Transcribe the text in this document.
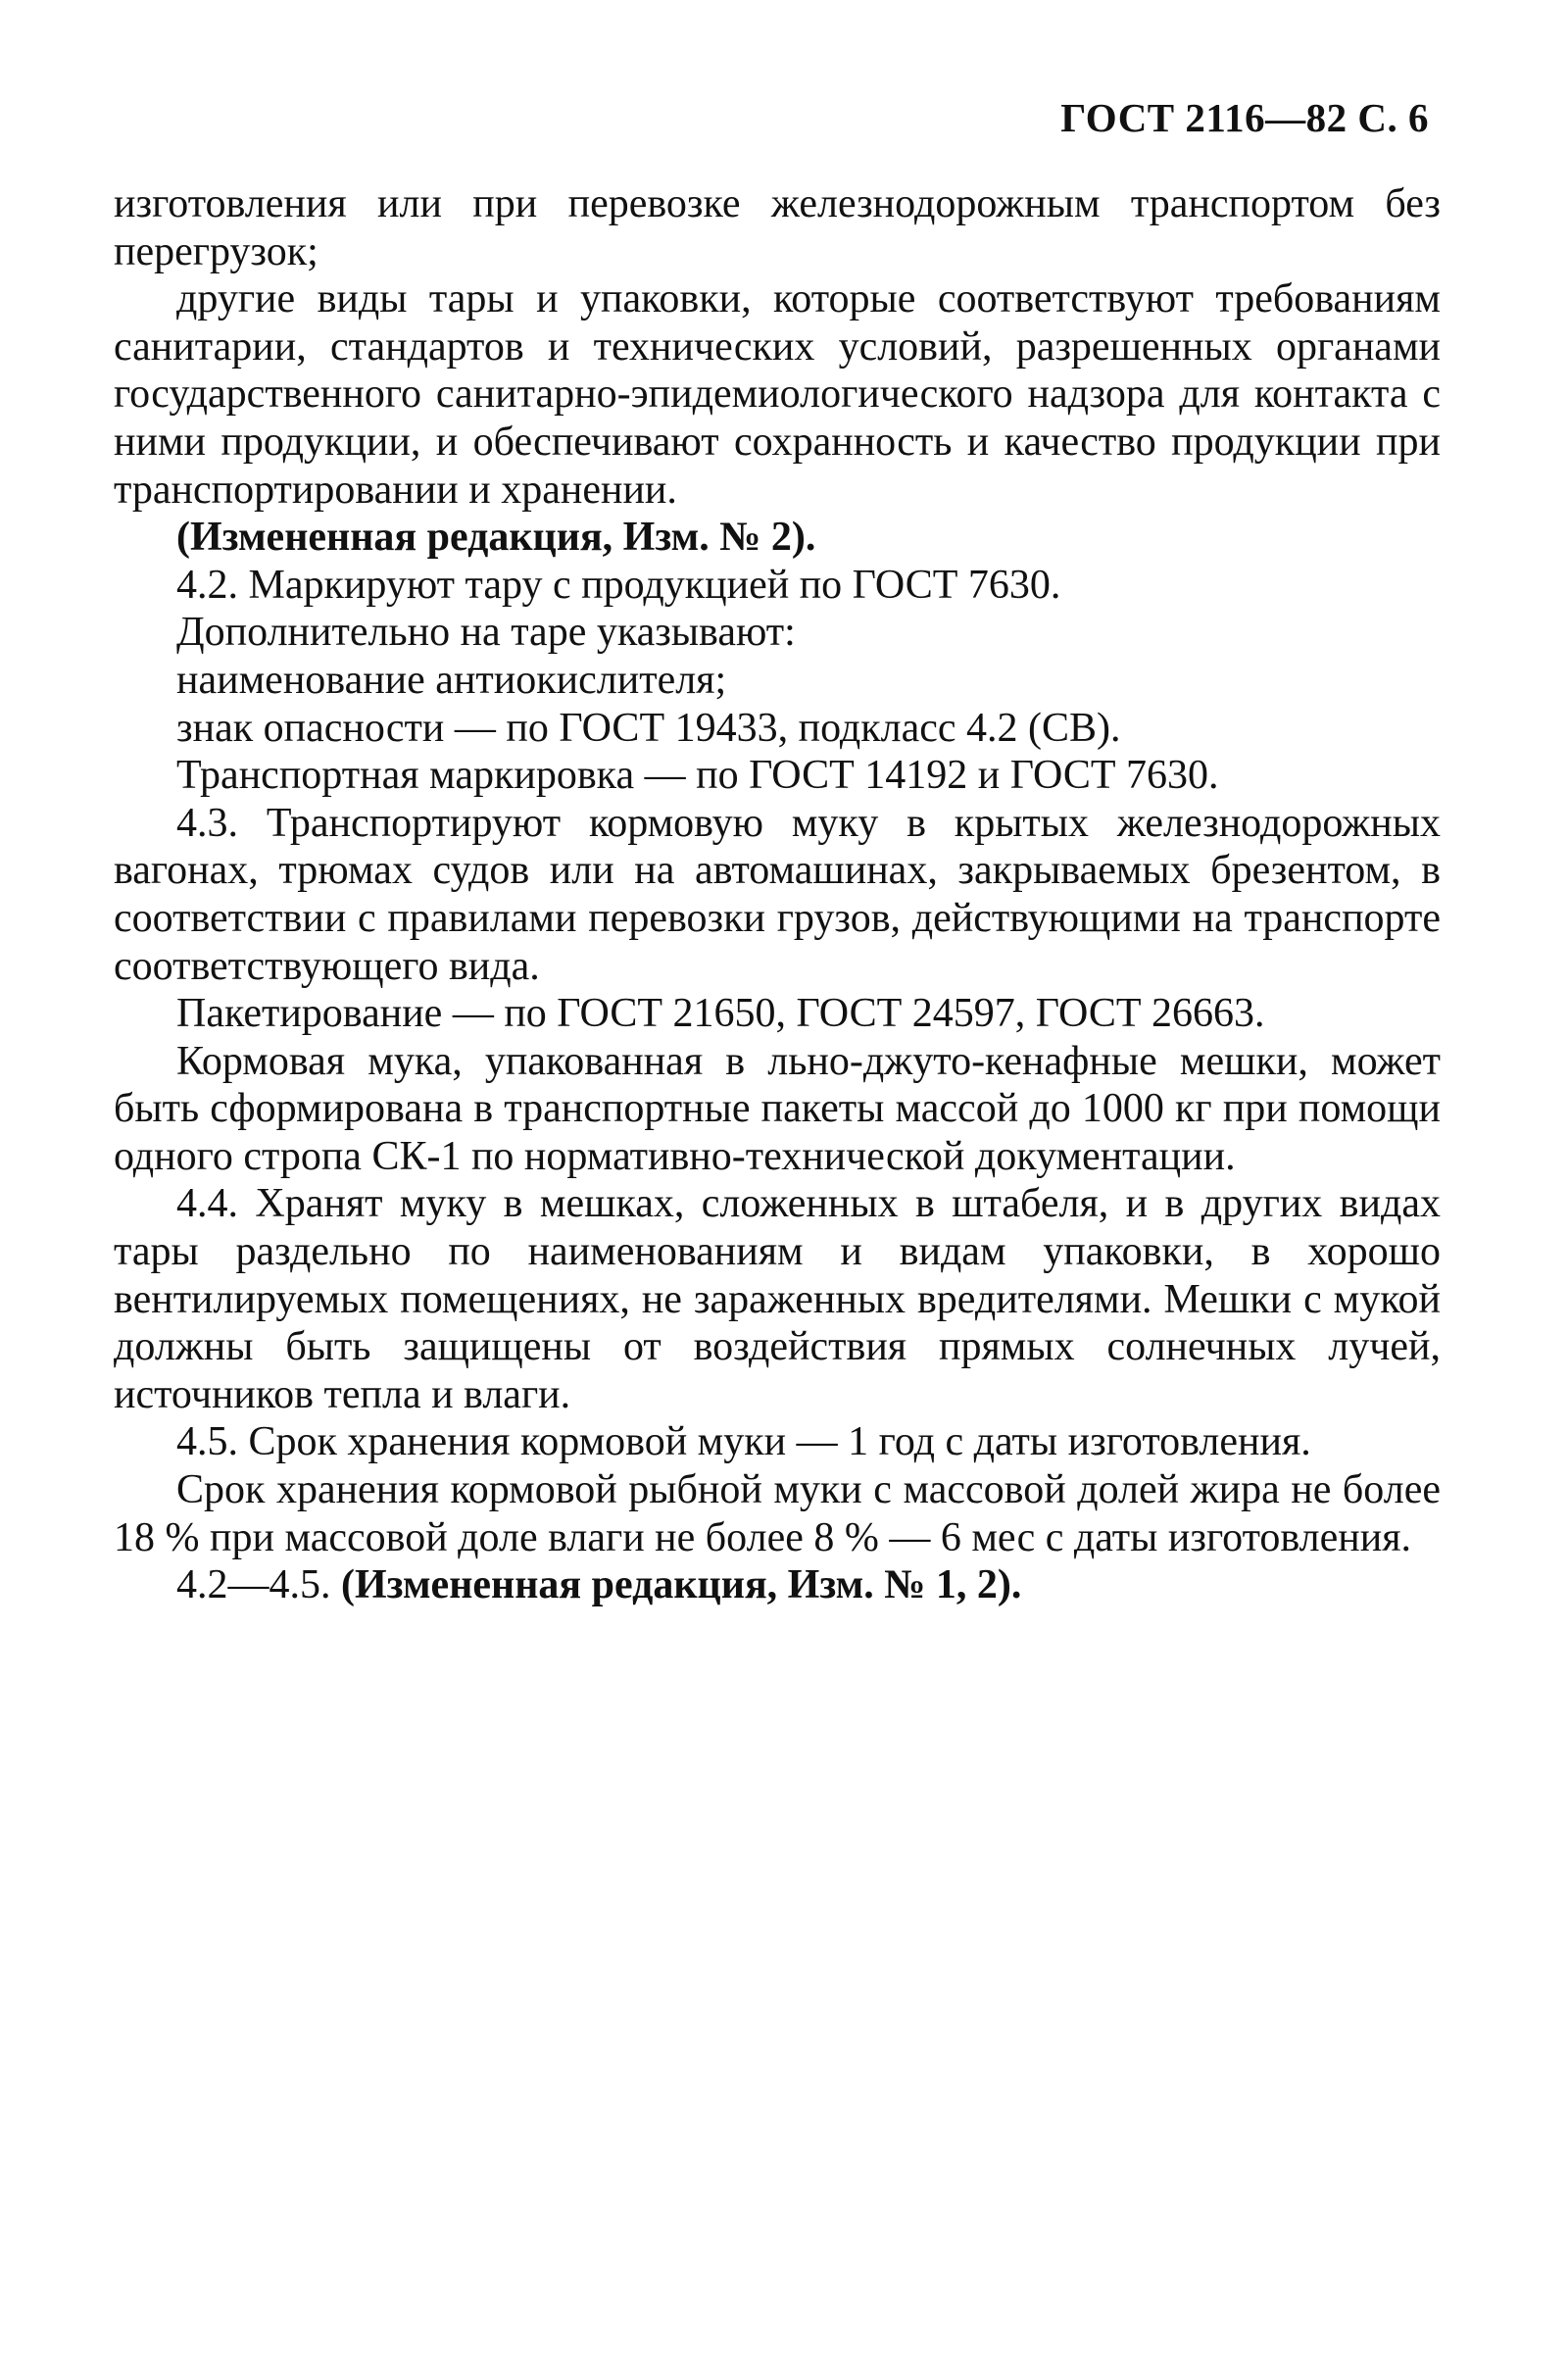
ГОСТ 2116—82 С. 6

изготовления или при перевозке железнодорожным транспортом без перегрузок;

другие виды тары и упаковки, которые соответствуют требованиям санитарии, стандартов и технических условий, разрешенных органами государственного санитарно-эпидемиологического надзора для контакта с ними продукции, и обеспечивают сохранность и качество продукции при транспортировании и хранении.

(Измененная редакция, Изм. № 2).

4.2. Маркируют тару с продукцией по ГОСТ 7630.

Дополнительно на таре указывают:

наименование антиокислителя;

знак опасности — по ГОСТ 19433, подкласс 4.2 (СВ).

Транспортная маркировка — по ГОСТ 14192 и ГОСТ 7630.

4.3. Транспортируют кормовую муку в крытых железнодорожных вагонах, трюмах судов или на автомашинах, закрываемых брезентом, в соответствии с правилами перевозки грузов, действующими на транспорте соответствующего вида.

Пакетирование — по ГОСТ 21650, ГОСТ 24597, ГОСТ 26663.

Кормовая мука, упакованная в льно-джуто-кенафные мешки, может быть сформирована в транспортные пакеты массой до 1000 кг при помощи одного стропа СК-1 по нормативно-технической документации.

4.4. Хранят муку в мешках, сложенных в штабеля, и в других видах тары раздельно по наименованиям и видам упаковки, в хорошо вентилируемых помещениях, не зараженных вредителями. Мешки с мукой должны быть защищены от воздействия прямых солнечных лучей, источников тепла и влаги.

4.5. Срок хранения кормовой муки — 1 год с даты изготовления.

Срок хранения кормовой рыбной муки с массовой долей жира не более 18 % при массовой доле влаги не более 8 % — 6 мес с даты изготовления.

4.2—4.5. (Измененная редакция, Изм. № 1, 2).
